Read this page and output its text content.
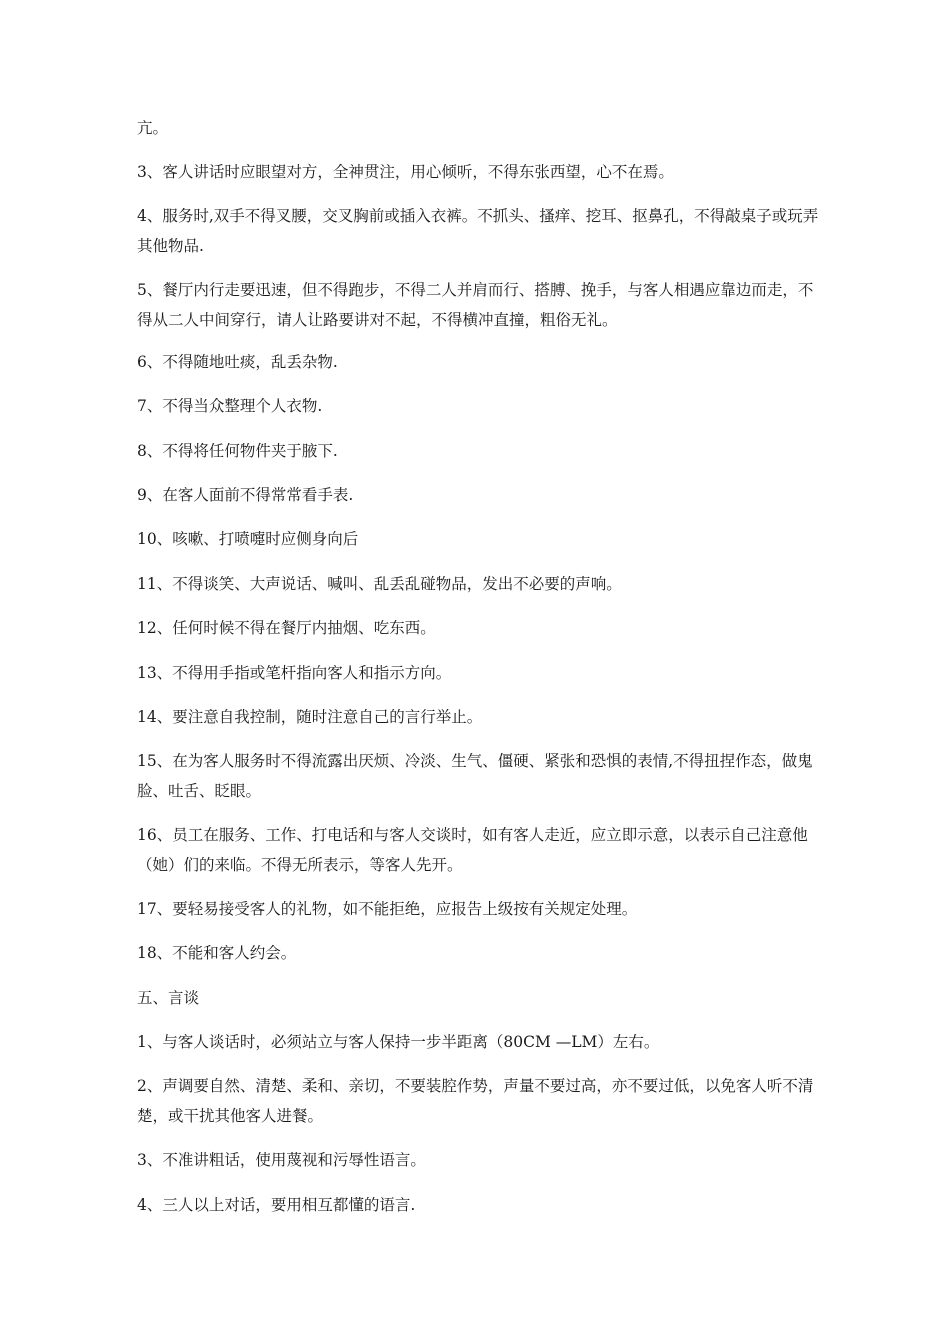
亢。

3、客人讲话时应眼望对方，全神贯注，用心倾听，不得东张西望，心不在焉。

4、服务时,双手不得叉腰，交叉胸前或插入衣裤。不抓头、搔痒、挖耳、抠鼻孔，不得敲桌子或玩弄其他物品.

5、餐厅内行走要迅速，但不得跑步，不得二人并肩而行、搭膊、挽手，与客人相遇应靠边而走，不得从二人中间穿行，请人让路要讲对不起，不得横冲直撞，粗俗无礼。

6、不得随地吐痰，乱丢杂物.

7、不得当众整理个人衣物.

8、不得将任何物件夹于腋下.

9、在客人面前不得常常看手表.

10、咳嗽、打喷嚏时应侧身向后

11、不得谈笑、大声说话、喊叫、乱丢乱碰物品，发出不必要的声响。

12、任何时候不得在餐厅内抽烟、吃东西。

13、不得用手指或笔杆指向客人和指示方向。

14、要注意自我控制，随时注意自己的言行举止。

15、在为客人服务时不得流露出厌烦、冷淡、生气、僵硬、紧张和恐惧的表情,不得扭捏作态，做鬼脸、吐舌、眨眼。

16、员工在服务、工作、打电话和与客人交谈时，如有客人走近，应立即示意，以表示自己注意他（她）们的来临。不得无所表示，等客人先开。

17、要轻易接受客人的礼物，如不能拒绝，应报告上级按有关规定处理。

18、不能和客人约会。

五、言谈

1、与客人谈话时，必须站立与客人保持一步半距离（80CM —LM）左右。

2、声调要自然、清楚、柔和、亲切，不要装腔作势，声量不要过高，亦不要过低，以免客人听不清楚，或干扰其他客人进餐。

3、不准讲粗话，使用蔑视和污辱性语言。

4、三人以上对话，要用相互都懂的语言.
